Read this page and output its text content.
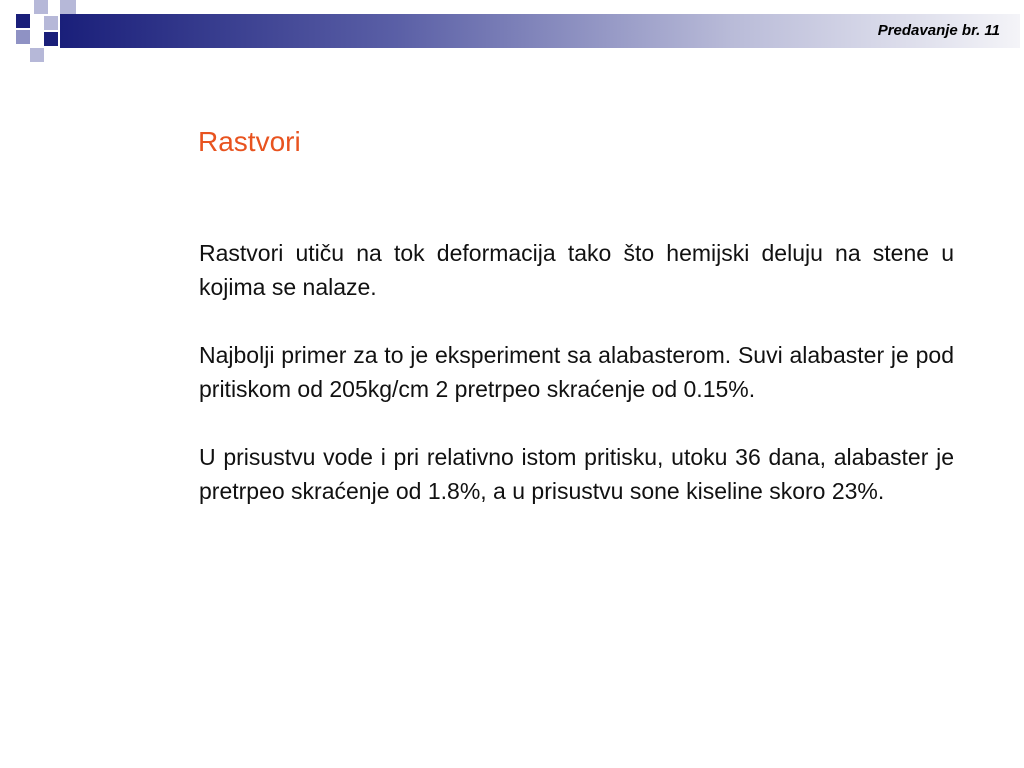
Predavanje br. 11
Rastvori

Rastvori utiču na tok deformacija tako što hemijski deluju na stene u kojima se nalaze.

Najbolji primer za to je eksperiment sa alabasterom. Suvi alabaster je pod pritiskom od 205kg/cm 2 pretrpeo skraćenje od 0.15%.

U prisustvu vode i pri relativno istom pritisku, utoku 36 dana, alabaster je pretrpeo skraćenje od 1.8%, a u prisustvu sone kiseline skoro 23%.
